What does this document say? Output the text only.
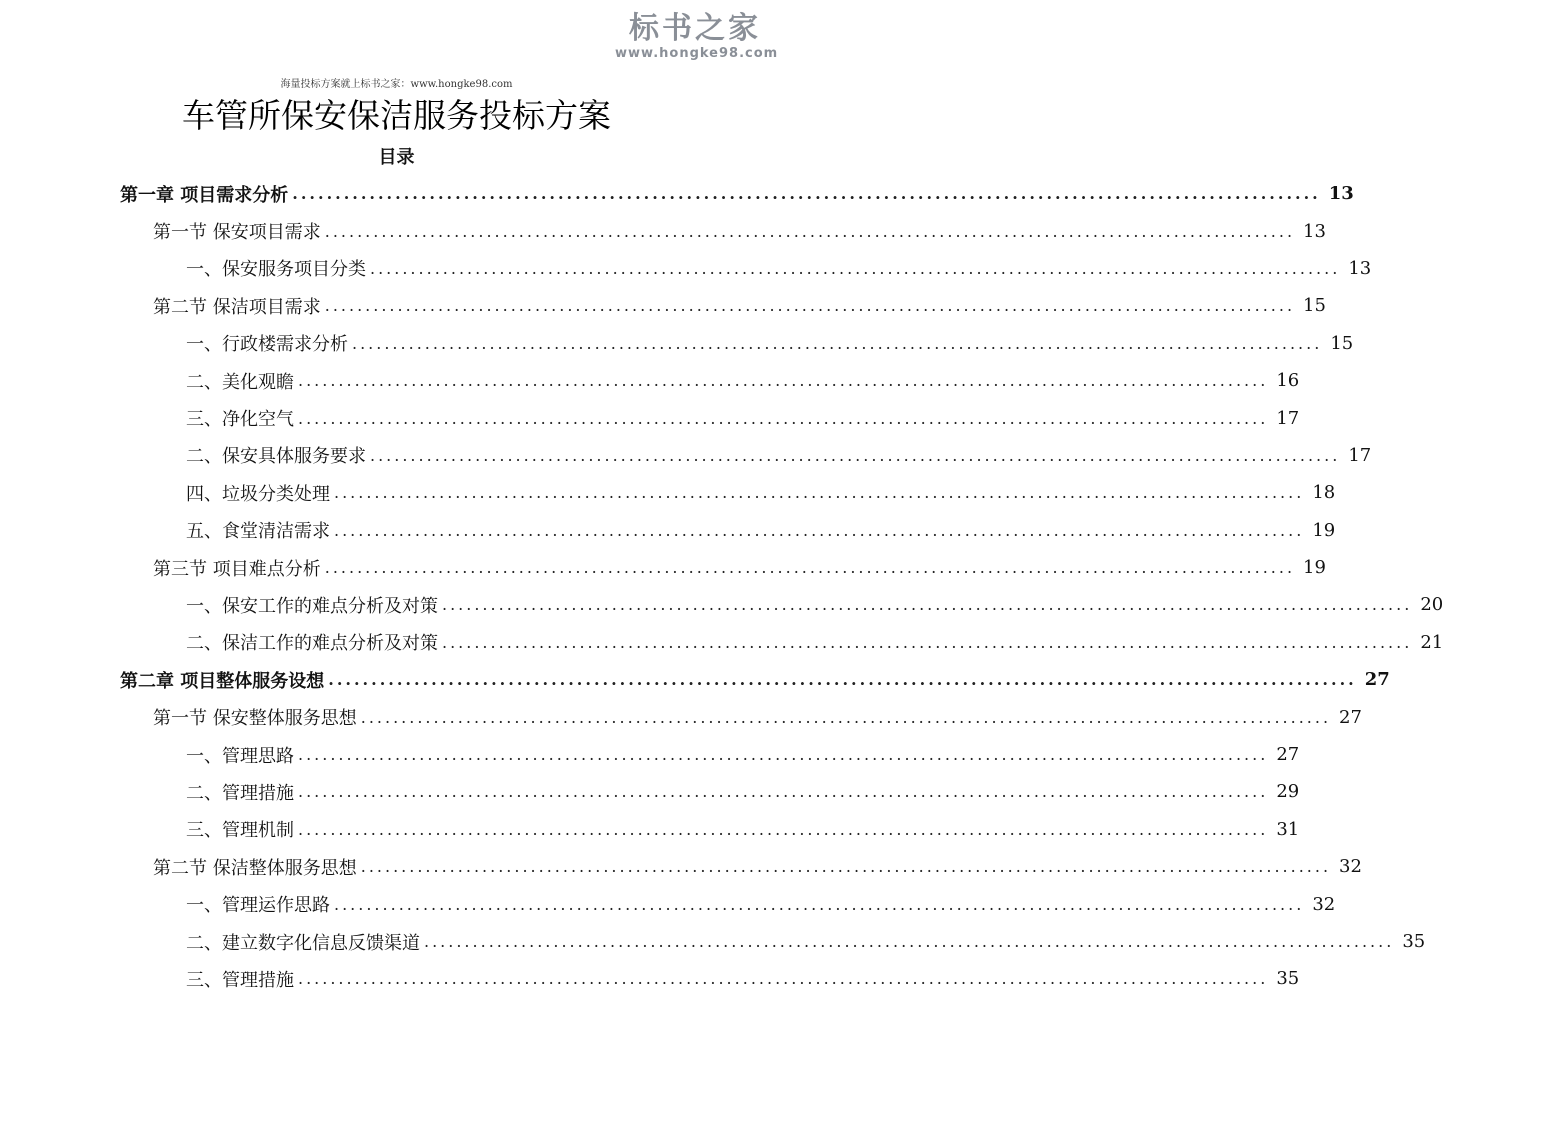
标书之家
www.hongke98.com
海量投标方案就上标书之家：www.hongke98.com
车管所保安保洁服务投标方案
目录
第一章 项目需求分析 ........................................................................................................................ 13
第一节 保安项目需求 ........................................................................................................................ 13
一、保安服务项目分类 ........................................................................................................................ 13
第二节 保洁项目需求 ........................................................................................................................ 15
一、行政楼需求分析 ........................................................................................................................ 15
二、美化观瞻 ........................................................................................................................ 16
三、净化空气 ........................................................................................................................ 17
二、保安具体服务要求 ........................................................................................................................ 17
四、垃圾分类处理 ........................................................................................................................ 18
五、食堂清洁需求 ........................................................................................................................ 19
第三节 项目难点分析 ........................................................................................................................ 19
一、保安工作的难点分析及对策 ........................................................................................................................ 20
二、保洁工作的难点分析及对策 ........................................................................................................................ 21
第二章 项目整体服务设想 ........................................................................................................................ 27
第一节 保安整体服务思想 ........................................................................................................................ 27
一、管理思路 ........................................................................................................................ 27
二、管理措施 ........................................................................................................................ 29
三、管理机制 ........................................................................................................................ 31
第二节 保洁整体服务思想 ........................................................................................................................ 32
一、管理运作思路 ........................................................................................................................ 32
二、建立数字化信息反馈渠道 ........................................................................................................................ 35
三、管理措施 ........................................................................................................................ 35
